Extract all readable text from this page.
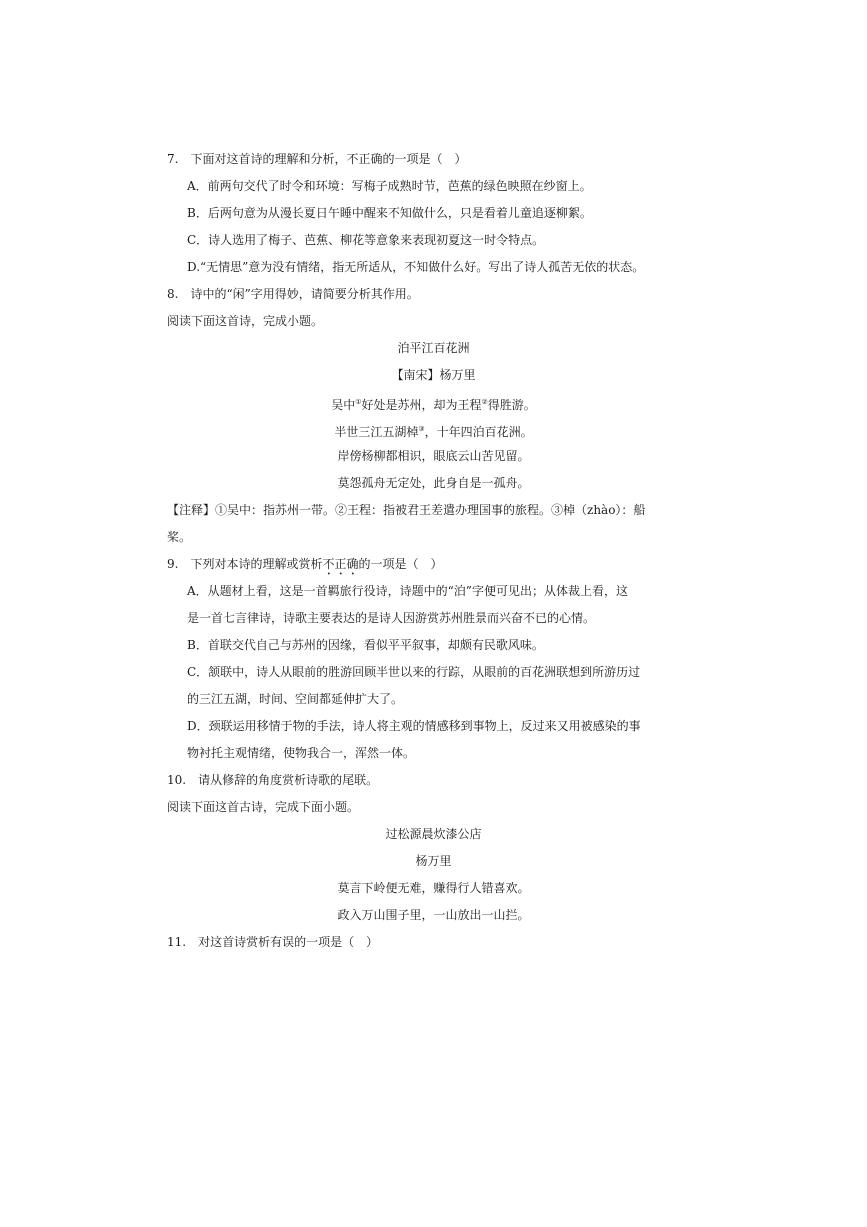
7.　下面对这首诗的理解和分析，不正确的一项是（　）
A．前两句交代了时令和环境：写梅子成熟时节，芭蕉的绿色映照在纱窗上。
B．后两句意为从漫长夏日午睡中醒来不知做什么，只是看着儿童追逐柳絮。
C．诗人选用了梅子、芭蕉、柳花等意象来表现初夏这一时令特点。
D.“无情思”意为没有情绪，指无所适从，不知做什么好。写出了诗人孤苦无依的状态。
8.　诗中的“闲”字用得妙，请简要分析其作用。
阅读下面这首诗，完成小题。
泊平江百花洲
【南宋】杨万里
吴中①好处是苏州，却为王程②得胜游。
半世三江五湖棹③，十年四泊百花洲。
岸傍杨柳都相识，眼底云山苦见留。
莫怨孤舟无定处，此身自是一孤舟。
【注释】①吴中：指苏州一带。②王程：指被君王差遣办理国事的旅程。③棹（zhào）：船
桨。
9.　下列对本诗的理解或赏析不正确的一项是（　）
A．从题材上看，这是一首羁旅行役诗，诗题中的“泊”字便可见出；从体裁上看，这
是一首七言律诗，诗歌主要表达的是诗人因游赏苏州胜景而兴奋不已的心情。
B．首联交代自己与苏州的因缘，看似平平叙事，却颇有民歌风味。
C．颔联中，诗人从眼前的胜游回顾半世以来的行踪，从眼前的百花洲联想到所游历过
的三江五湖，时间、空间都延伸扩大了。
D．颈联运用移情于物的手法，诗人将主观的情感移到事物上，反过来又用被感染的事
物衬托主观情绪，使物我合一，浑然一体。
10.　请从修辞的角度赏析诗歌的尾联。
阅读下面这首古诗，完成下面小题。
过松源晨炊漆公店
杨万里
莫言下岭便无难，赚得行人错喜欢。
政入万山围子里，一山放出一山拦。
11.　对这首诗赏析有误的一项是（　）
